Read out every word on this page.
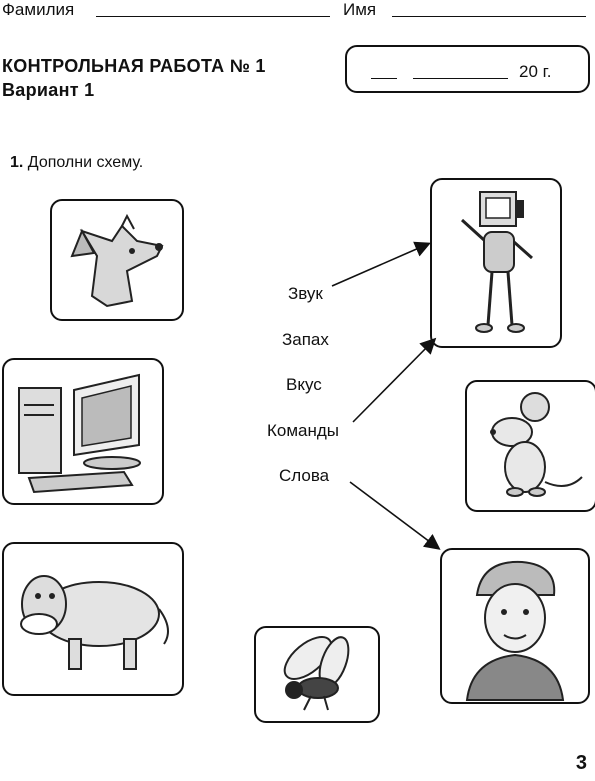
Фамилия	Имя
КОНТРОЛЬНАЯ РАБОТА № 1
Вариант 1
20 г.
1. Дополни схему.
Звук
Запах
Вкус
Команды
Слова
3
